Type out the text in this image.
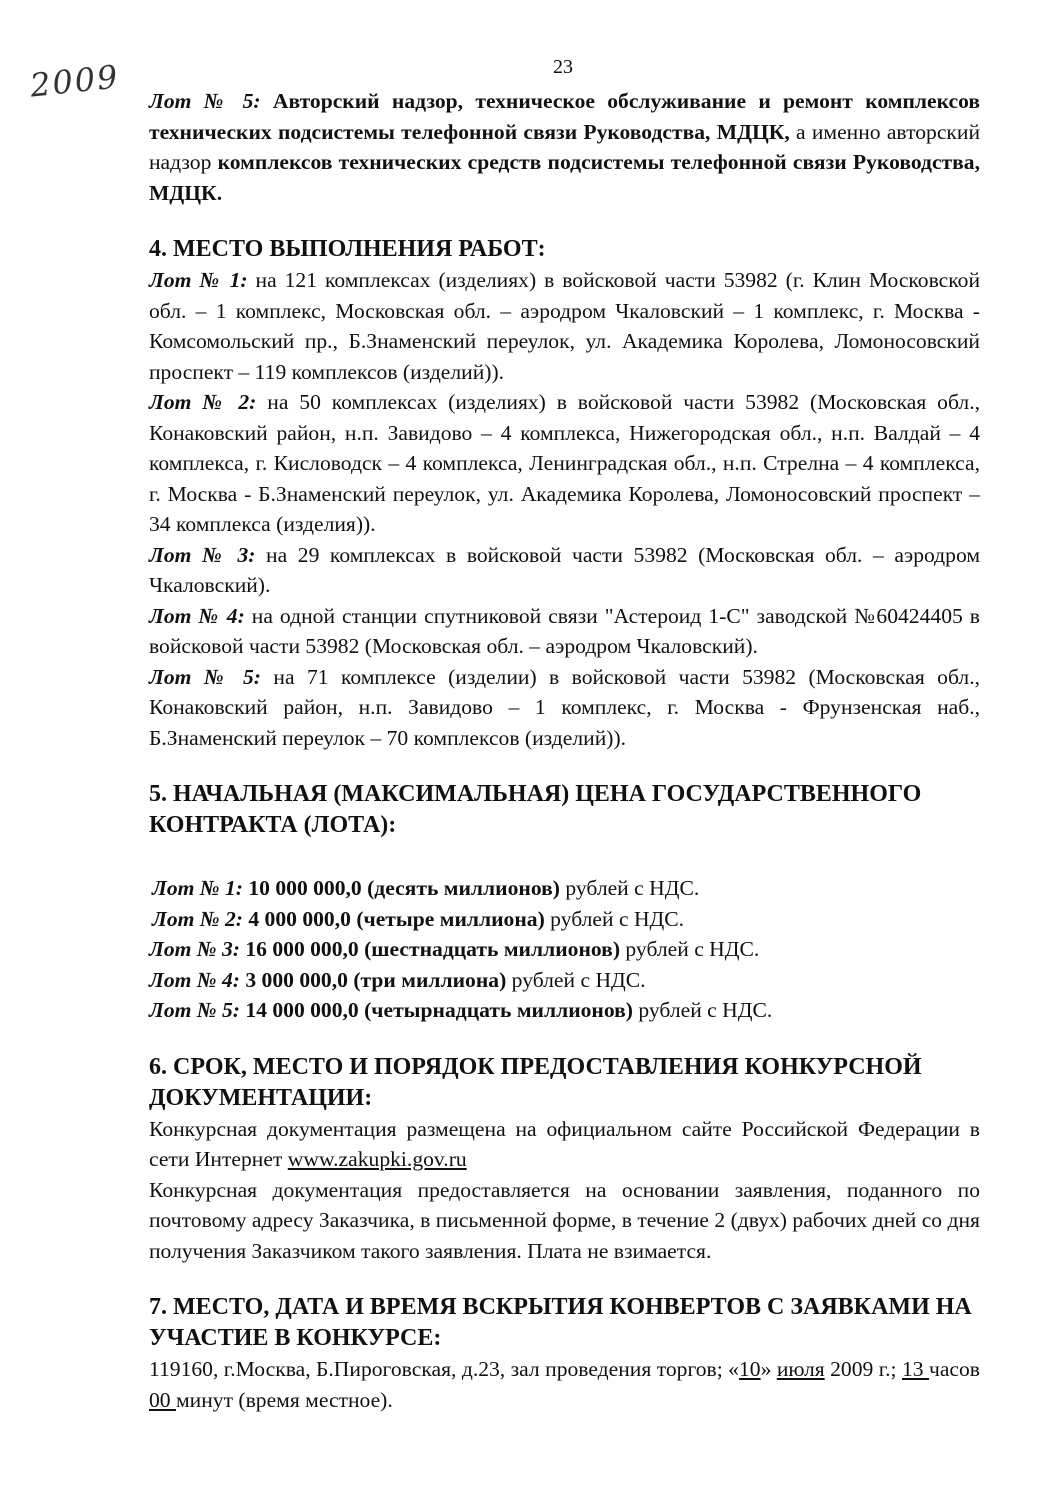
23
2009 Лот № 5: Авторский надзор, техническое обслуживание и ремонт комплексов технических подсистемы телефонной связи Руководства, МДЦК, а именно авторский надзор комплексов технических средств подсистемы телефонной связи Руководства, МДЦК.

4. МЕСТО ВЫПОЛНЕНИЯ РАБОТ:

Лот № 1: на 121 комплексах (изделиях) в войсковой части 53982 (г. Клин Московской обл. – 1 комплекс, Московская обл. – аэродром Чкаловский – 1 комплекс, г. Москва - Комсомольский пр., Б.Знаменский переулок, ул. Академика Королева, Ломоносовский проспект – 119 комплексов (изделий)).

Лот № 2: на 50 комплексах (изделиях) в войсковой части 53982 (Московская обл., Конаковский район, н.п. Завидово – 4 комплекса, Нижегородская обл., н.п. Валдай – 4 комплекса, г. Кисловодск – 4 комплекса, Ленинградская обл., н.п. Стрелна – 4 комплекса, г. Москва - Б.Знаменский переулок, ул. Академика Королева, Ломоносовский проспект – 34 комплекса (изделия)).

Лот № 3: на 29 комплексах в войсковой части 53982 (Московская обл. – аэродром Чкаловский).

Лот № 4: на одной станции спутниковой связи "Астероид 1-С" заводской №60424405 в войсковой части 53982 (Московская обл. – аэродром Чкаловский).

Лот № 5: на 71 комплексе (изделии) в войсковой части 53982 (Московская обл., Конаковский район, н.п. Завидово – 1 комплекс, г. Москва - Фрунзенская наб., Б.Знаменский переулок – 70 комплексов (изделий)).

5. НАЧАЛЬНАЯ (МАКСИМАЛЬНАЯ) ЦЕНА ГОСУДАРСТВЕННОГО КОНТРАКТА (ЛОТА):

Лот № 1: 10 000 000,0 (десять миллионов) рублей с НДС.

Лот № 2: 4 000 000,0 (четыре миллиона) рублей с НДС.

Лот № 3: 16 000 000,0 (шестнадцать миллионов) рублей с НДС.

Лот № 4: 3 000 000,0 (три миллиона) рублей с НДС.

Лот № 5: 14 000 000,0 (четырнадцать миллионов) рублей с НДС.

6. СРОК, МЕСТО И ПОРЯДОК ПРЕДОСТАВЛЕНИЯ КОНКУРСНОЙ ДОКУМЕНТАЦИИ:

Конкурсная документация размещена на официальном сайте Российской Федерации в сети Интернет www.zakupki.gov.ru

Конкурсная документация предоставляется на основании заявления, поданного по почтовому адресу Заказчика, в письменной форме, в течение 2 (двух) рабочих дней со дня получения Заказчиком такого заявления. Плата не взимается.

7. МЕСТО, ДАТА И ВРЕМЯ ВСКРЫТИЯ КОНВЕРТОВ С ЗАЯВКАМИ НА УЧАСТИЕ В КОНКУРСЕ:

119160, г.Москва, Б.Пироговская, д.23, зал проведения торгов; «10» июля 2009 г.; 13 часов 00 минут (время местное).
